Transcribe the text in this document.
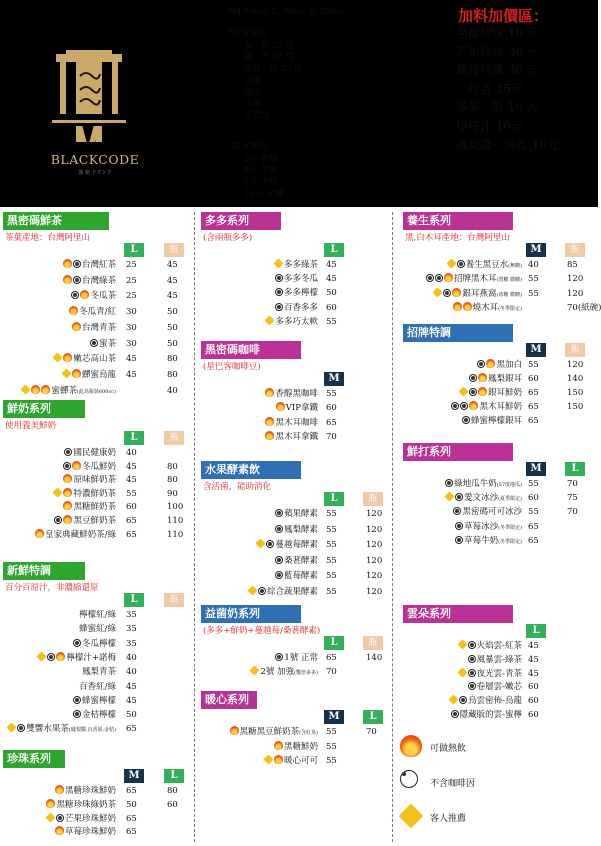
BLACKCODE
黑 密 ドリンク
*M 500cc L 700cc 瓶 820cc
*冰度選項：
無：約 55 度
溫：約 35 度
常溫：約 25 度
去冰
微冰
少冰
正常冰
*甜度選項：
3分-微糖
5分-半糖
7分-少糖
10分-全糖
加料加價區：
黑糖珍珠 10 元
芒果珍珠 30 元
草莓珍珠 30 元
一片雲 15元
多多一瓶 10 元
檸檬汁 10元
鳳梨醬一湯匙 10元
黑密碼鮮茶
茶葉產地：台灣阿里山
L	瓶
台灣紅茶 25	45
台灣綠茶 25	45
冬瓜茶 25	45
冬瓜青/紅 30	50
台灣青茶 30	50
蜜茶 30	50
嫩芯高山茶 45	80
蟬蜜烏龍 45	80
蜜蟬茶(此為瓶裝600cc)	40
鮮奶系列
使用義美鮮奶
L	瓶
國民健康奶 40
冬瓜鮮奶 45	80
原味鮮奶茶 45	80
特濃鮮奶茶 55	90
黑糖鮮奶茶 60	100
黑豆鮮奶茶 65	110
皇家典藏鮮奶茶/綠 65	110
新鮮特調
百分百原汁，非濃縮還原
L	瓶
檸檬紅/綠 35
蜂蜜紅/綠 35
冬瓜檸檬 35
檸檬汁+諾梅 40
鳳梨青茶 40
百香紅/綠 45
蜂蜜檸檬 45
金桔檸檬 50
雙響水果茶(鳳梨醬,百香果,金桔) 65
珍珠系列
M	L
黑糖珍珠鮮奶 65	80
黑糖珍珠綠奶茶 50	60
芒果珍珠鮮奶 65
草莓珍珠鮮奶 65
多多系列
(含兩瓶多多)
L
多多綠茶 45
多多冬瓜 45
多多檸檬 50
百香多多 60
多多巧太軟 55
黑密碼咖啡
(星巴客咖啡豆)
M
香醇黑咖啡 55
VIP拿鐵 60
黑木耳咖啡 65
黑木耳拿鐵 70
水果酵素飲
含活菌，能助消化
L	瓶
蘋果酵素 55	120
鳳梨酵素 55	120
蔓越莓酵素 55	120
桑葚酵素 55	120
藍莓酵素 55	120
綜合蔬果酵素 55	120
益菌奶系列
(多多+鮮奶+蔓越莓/桑葚酵素)
L	瓶
1號 正常 65	140
2號 加強(雙倍多多) 70
暖心系列
M	L
黑糖黑豆鮮奶茶(含紅茶) 55	70
黑糖鮮奶 55
暖心可可 55
養生系列
黑,白木耳產地：台灣阿里山
M	瓶
養生黑豆水(無糖) 40	85
招牌黑木耳(黑糖 微糖) 55	120
銀耳燕窩(冰糖 微糖) 55	120
燒木耳(冬季限定)	70(紙碗)
招牌特調
M	瓶
黑加白 55	120
鳳梨銀耳 60	140
銀耳鮮奶 65	150
黑木耳鮮奶 65	150
蜂蜜檸檬銀耳 65
鮮打系列
M	L
綠地瓜牛奶(57度地瓜) 55	70
愛文冰沙(夏季限定) 60	75
黑密碼可可冰沙 55	70
草莓冰沙(冬季限定) 65
草莓牛奶(冬季限定) 65
雲朵系列
L
火焰雲-紅茶 45
風暴雲-綠茶 45
夜光雲-青茶 45
卷層雲-嫩芯 60
烏雲密佈-烏龍 60
隱藏版的雲-蜜檸 60
可做熱飲
不含咖啡因
客人推薦
